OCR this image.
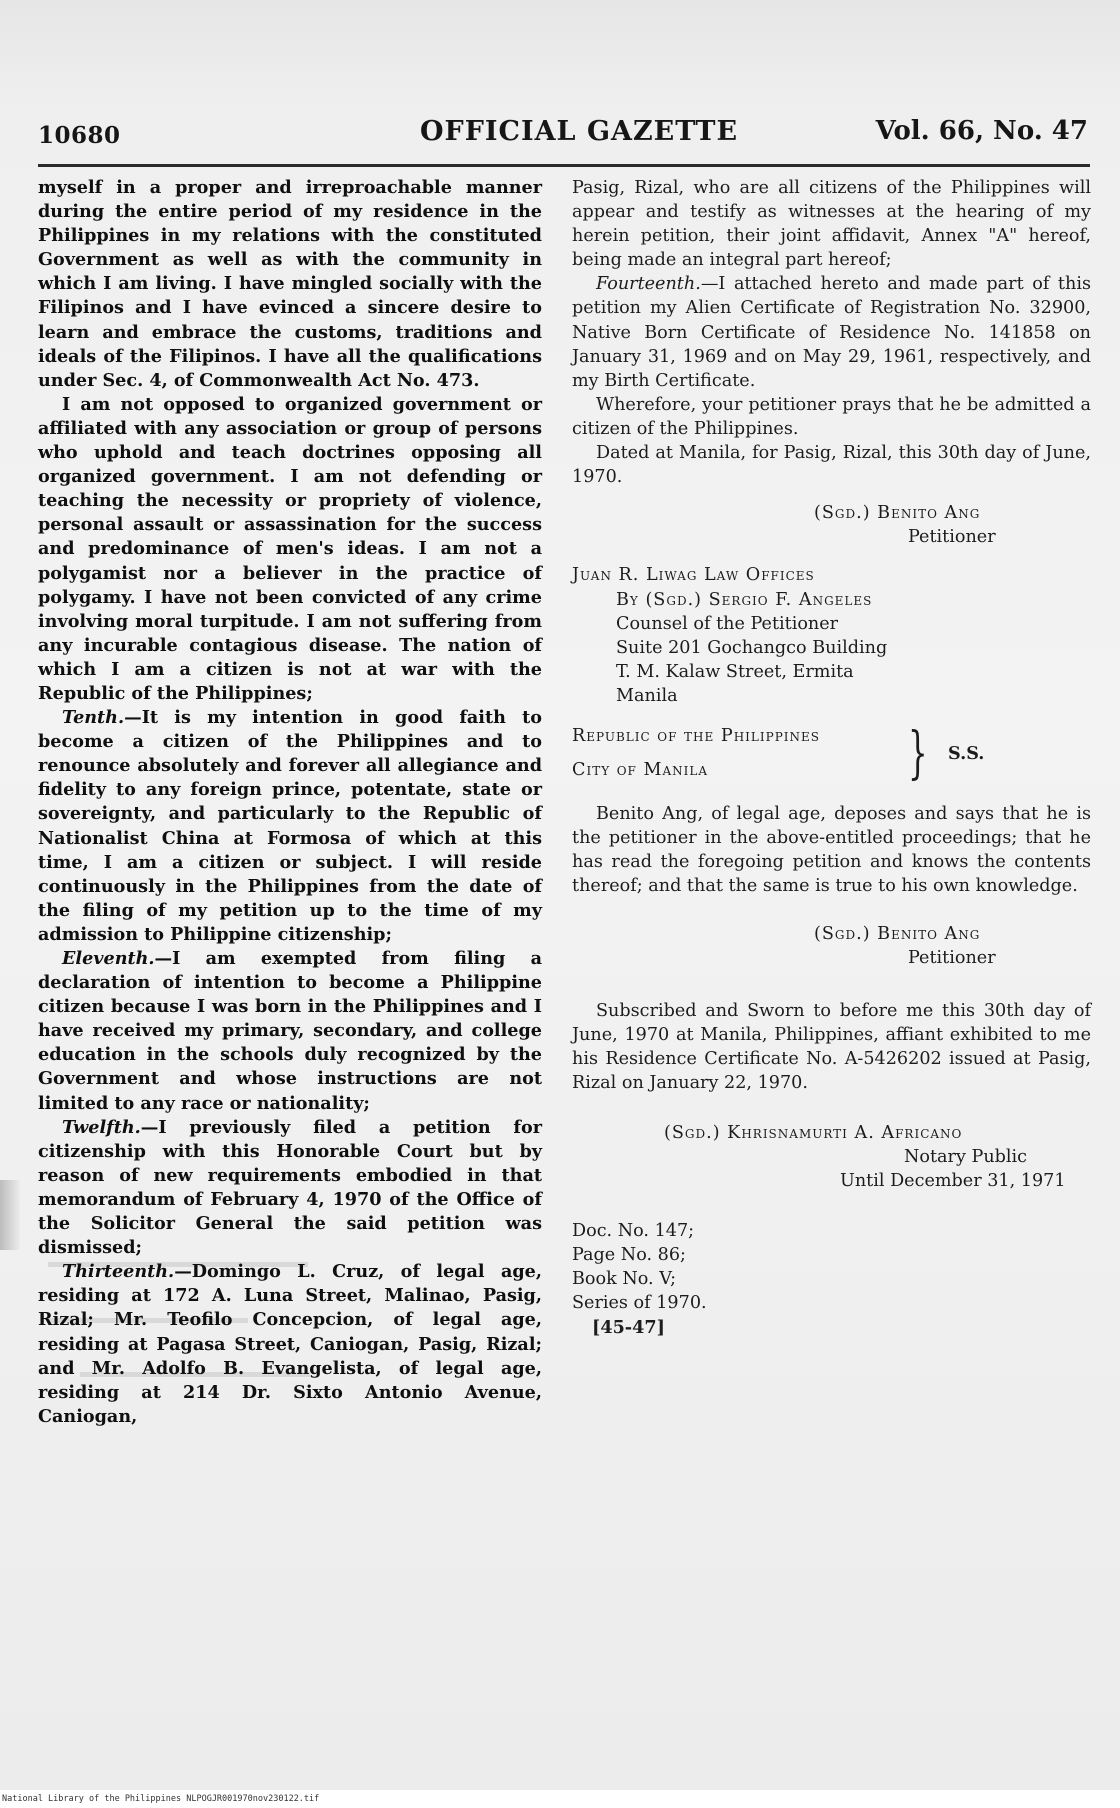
10680	OFFICIAL GAZETTE	Vol. 66, No. 47

myself in a proper and irreproachable manner during the entire period of my residence in the Philippines in my relations with the constituted Government as well as with the community in which I am living. I have mingled socially with the Filipinos and I have evinced a sincere desire to learn and embrace the customs, traditions and ideals of the Filipinos. I have all the qualifications under Sec. 4, of Commonwealth Act No. 473.

I am not opposed to organized government or affiliated with any association or group of persons who uphold and teach doctrines opposing all organized government. I am not defending or teaching the necessity or propriety of violence, personal assault or assassination for the success and predominance of men's ideas. I am not a polygamist nor a believer in the practice of polygamy. I have not been convicted of any crime involving moral turpitude. I am not suffering from any incurable contagious disease. The nation of which I am a citizen is not at war with the Republic of the Philippines;

Tenth.—It is my intention in good faith to become a citizen of the Philippines and to renounce absolutely and forever all allegiance and fidelity to any foreign prince, potentate, state or sovereignty, and particularly to the Republic of Nationalist China at Formosa of which at this time, I am a citizen or subject. I will reside continuously in the Philippines from the date of the filing of my petition up to the time of my admission to Philippine citizenship;

Eleventh.—I am exempted from filing a declaration of intention to become a Philippine citizen because I was born in the Philippines and I have received my primary, secondary, and college education in the schools duly recognized by the Government and whose instructions are not limited to any race or nationality;

Twelfth.—I previously filed a petition for citizenship with this Honorable Court but by reason of new requirements embodied in that memorandum of February 4, 1970 of the Office of the Solicitor General the said petition was dismissed;

Thirteenth.—Domingo L. Cruz, of legal age, residing at 172 A. Luna Street, Malinao, Pasig, Rizal; Mr. Teofilo Concepcion, of legal age, residing at Pagasa Street, Caniogan, Pasig, Rizal; and Mr. Adolfo B. Evangelista, of legal age, residing at 214 Dr. Sixto Antonio Avenue, Caniogan,

Pasig, Rizal, who are all citizens of the Philippines will appear and testify as witnesses at the hearing of my herein petition, their joint affidavit, Annex "A" hereof, being made an integral part hereof;

Fourteenth.—I attached hereto and made part of this petition my Alien Certificate of Registration No. 32900, Native Born Certificate of Residence No. 141858 on January 31, 1969 and on May 29, 1961, respectively, and my Birth Certificate.

Wherefore, your petitioner prays that he be admitted a citizen of the Philippines.

Dated at Manila, for Pasig, Rizal, this 30th day of June, 1970.

(Sgd.) Benito Ang
Petitioner
Juan R. Liwag Law Offices
By (Sgd.) Sergio F. Angeles
Counsel of the Petitioner
Suite 201 Gochangco Building
T. M. Kalaw Street, Ermita
Manila
Republic of the Philippines
City of Manila	} S.S.

Benito Ang, of legal age, deposes and says that he is the petitioner in the above-entitled proceedings; that he has read the foregoing petition and knows the contents thereof; and that the same is true to his own knowledge.

(Sgd.) Benito Ang
Petitioner

Subscribed and Sworn to before me this 30th day of June, 1970 at Manila, Philippines, affiant exhibited to me his Residence Certificate No. A-5426202 issued at Pasig, Rizal on January 22, 1970.

(Sgd.) Khrisnamurti A. Africano
Notary Public
Until December 31, 1971
Doc. No. 147;
Page No. 86;
Book No. V;
Series of 1970.
[45-47]
National Library of the Philippines NLPOGJR001970nov230122.tif
